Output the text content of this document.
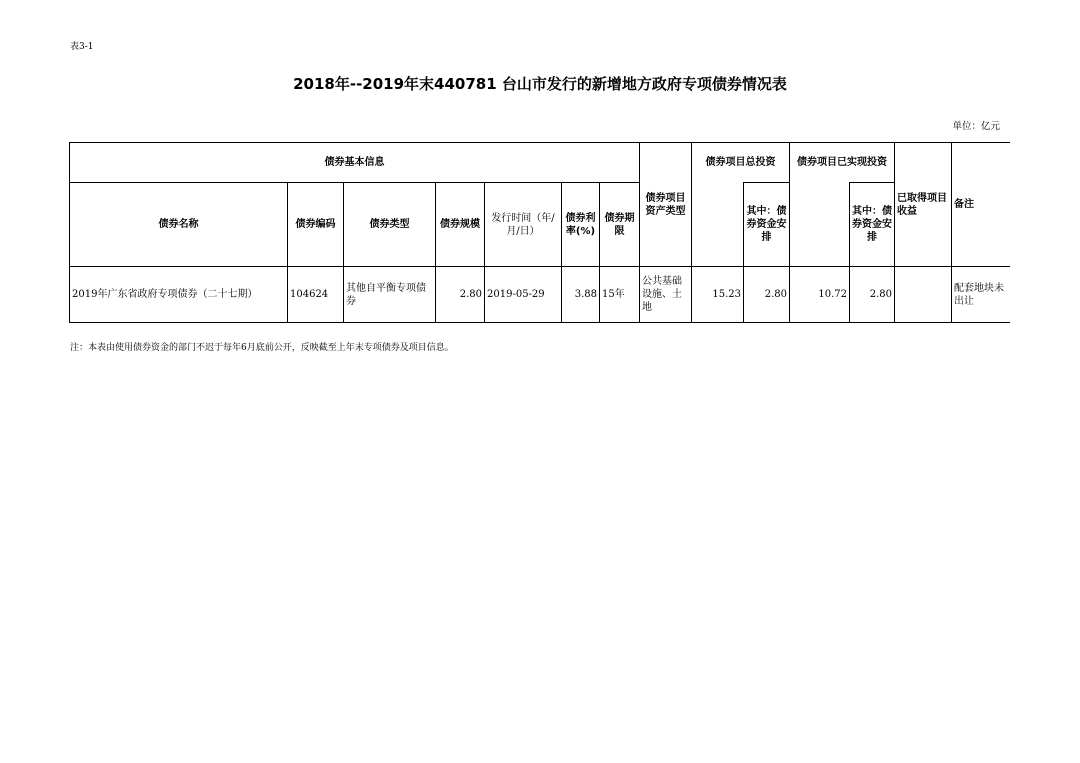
表3-1
2018年--2019年末440781 台山市发行的新增地方政府专项债券情况表
单位：亿元
债券基本信息							债券项目资产类型	债券项目总投资		债券项目已实现投资		已取得项目收益	备注
债券名称	债券编码	债券类型	债券规模	发行时间（年/月/日）	债券利率(%)	债券期限			其中：债券资金安排		其中：债券资金安排		
2019年广东省政府专项债券（二十七期）	104624	其他自平衡专项债券	2.80	2019-05-29	3.88	15年	公共基础设施、土地	15.23	2.80	10.72	2.80		配套地块未出让
注：本表由使用债券资金的部门不迟于每年6月底前公开，反映截至上年末专项债券及项目信息。
